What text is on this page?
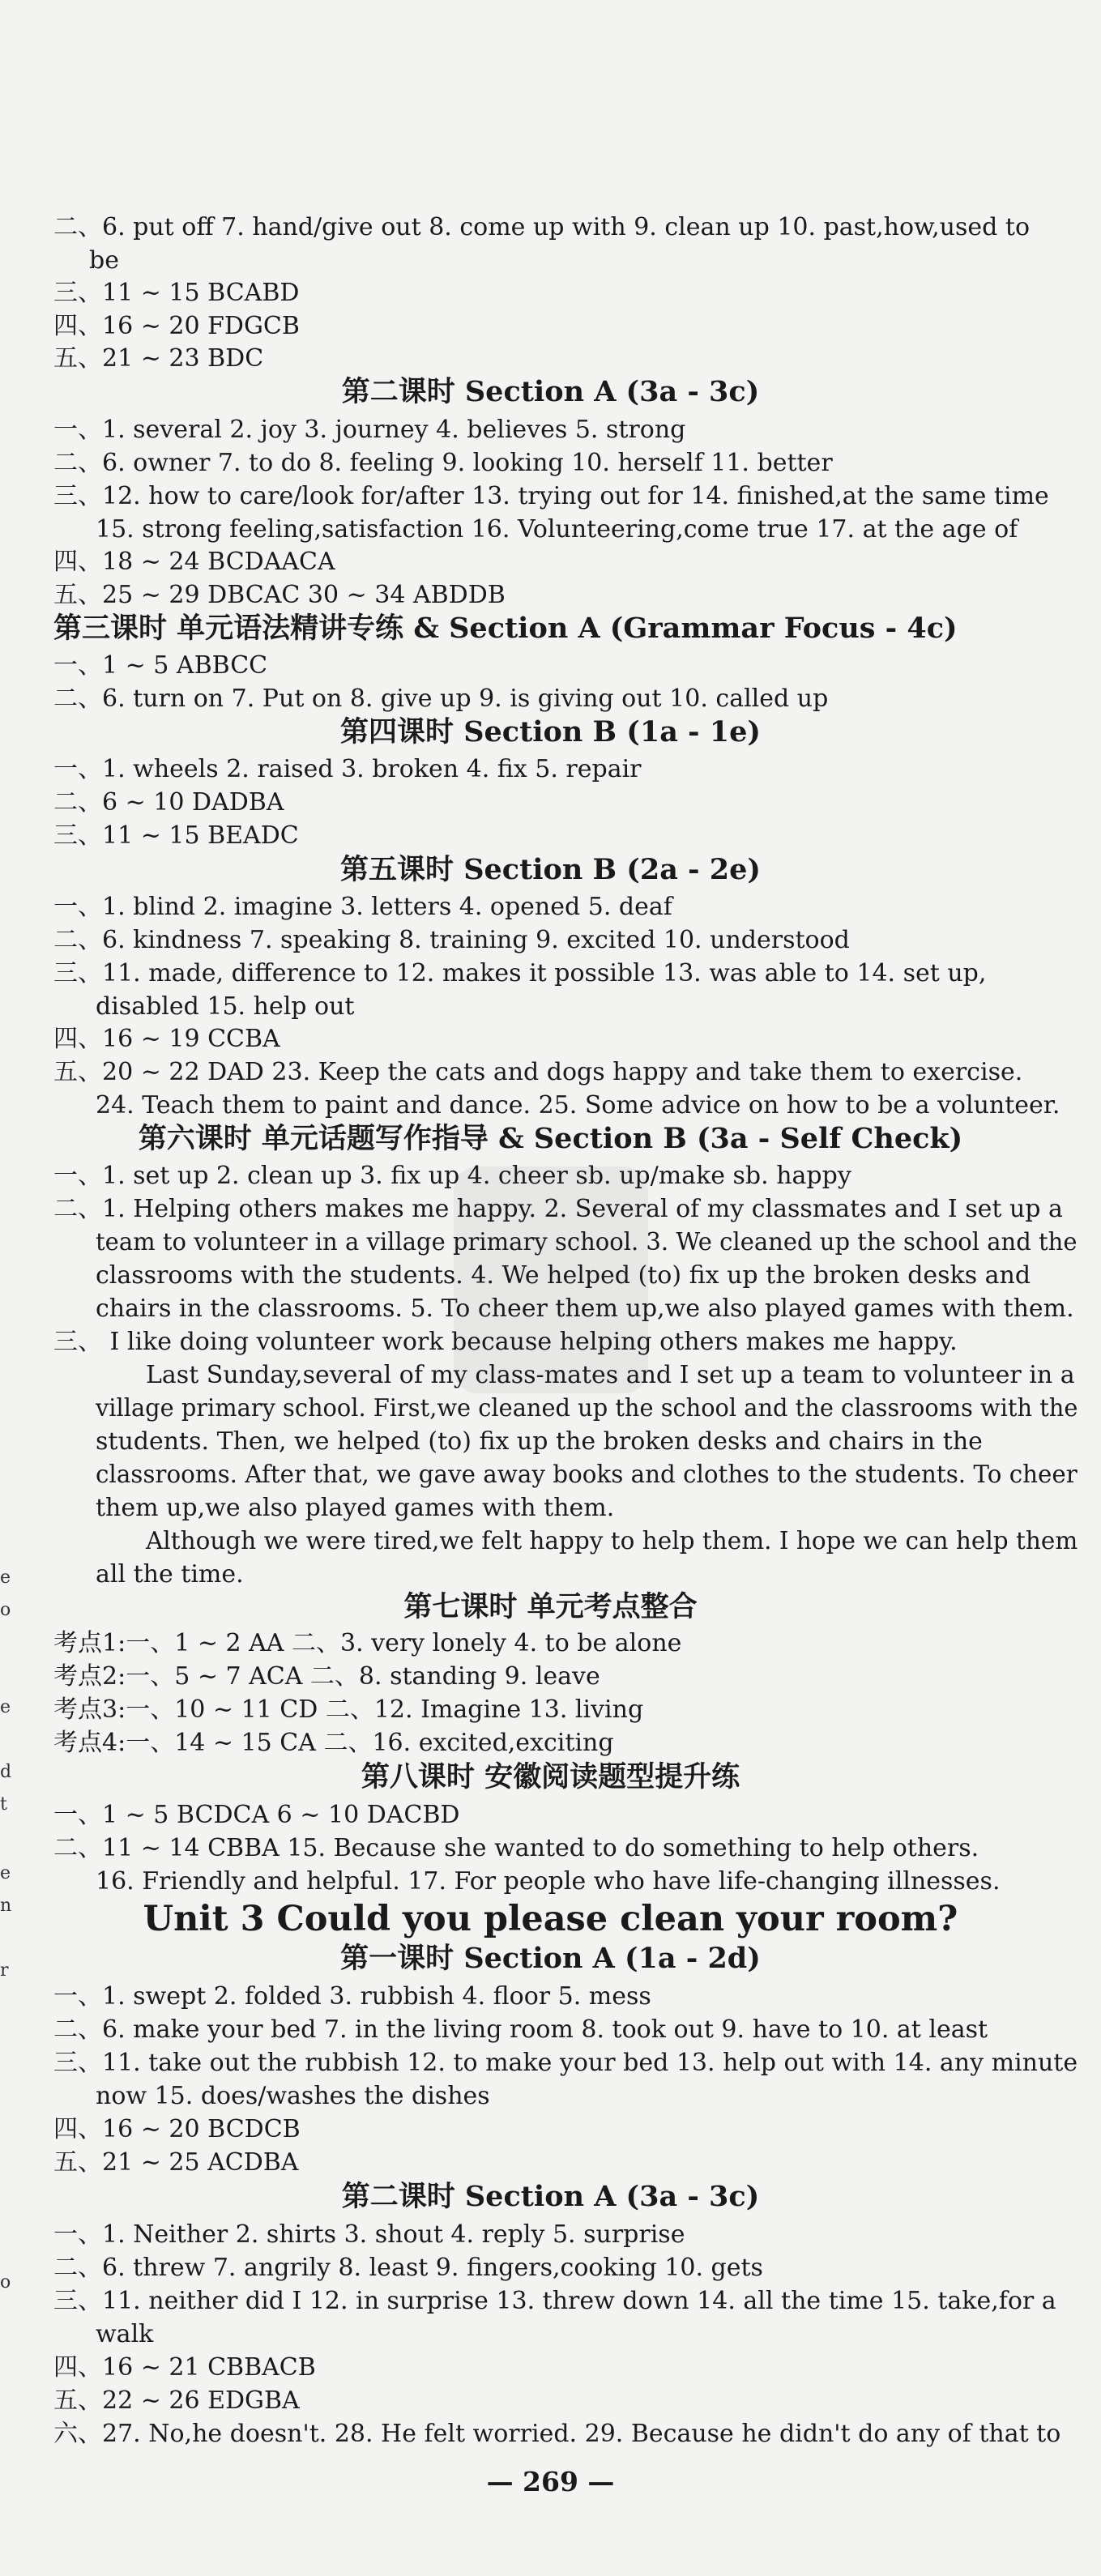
e
o
e
d
t
e
n
r
o
二、6. put off 7. hand/give out 8. come up with 9. clean up 10. past,how,used to
be
三、11 ~ 15 BCABD
四、16 ~ 20 FDGCB
五、21 ~ 23 BDC
第二课时 Section A (3a - 3c)
一、1. several 2. joy 3. journey 4. believes 5. strong
二、6. owner 7. to do 8. feeling 9. looking 10. herself 11. better
三、12. how to care/look for/after 13. trying out for 14. finished,at the same time
15. strong feeling,satisfaction 16. Volunteering,come true 17. at the age of
四、18 ~ 24 BCDAACA
五、25 ~ 29 DBCAC 30 ~ 34 ABDDB
第三课时 单元语法精讲专练 & Section A (Grammar Focus - 4c)
一、1 ~ 5 ABBCC
二、6. turn on 7. Put on 8. give up 9. is giving out 10. called up
第四课时 Section B (1a - 1e)
一、1. wheels 2. raised 3. broken 4. fix 5. repair
二、6 ~ 10 DADBA
三、11 ~ 15 BEADC
第五课时 Section B (2a - 2e)
一、1. blind 2. imagine 3. letters 4. opened 5. deaf
二、6. kindness 7. speaking 8. training 9. excited 10. understood
三、11. made, difference to 12. makes it possible 13. was able to 14. set up,
disabled 15. help out
四、16 ~ 19 CCBA
五、20 ~ 22 DAD 23. Keep the cats and dogs happy and take them to exercise.
24. Teach them to paint and dance. 25. Some advice on how to be a volunteer.
第六课时 单元话题写作指导 & Section B (3a - Self Check)
一、1. set up 2. clean up 3. fix up 4. cheer sb. up/make sb. happy
二、1. Helping others makes me happy. 2. Several of my classmates and I set up a
team to volunteer in a village primary school. 3. We cleaned up the school and the
classrooms with the students. 4. We helped (to) fix up the broken desks and
chairs in the classrooms. 5. To cheer them up,we also played games with them.
三、 I like doing volunteer work because helping others makes me happy.
Last Sunday,several of my class-mates and I set up a team to volunteer in a
village primary school. First,we cleaned up the school and the classrooms with the
students. Then, we helped (to) fix up the broken desks and chairs in the
classrooms. After that, we gave away books and clothes to the students. To cheer
them up,we also played games with them.
Although we were tired,we felt happy to help them. I hope we can help them
all the time.
第七课时 单元考点整合
考点1:一、1 ~ 2 AA 二、3. very lonely 4. to be alone
考点2:一、5 ~ 7 ACA 二、8. standing 9. leave
考点3:一、10 ~ 11 CD 二、12. Imagine 13. living
考点4:一、14 ~ 15 CA 二、16. excited,exciting
第八课时 安徽阅读题型提升练
一、1 ~ 5 BCDCA 6 ~ 10 DACBD
二、11 ~ 14 CBBA 15. Because she wanted to do something to help others.
16. Friendly and helpful. 17. For people who have life-changing illnesses.
Unit 3 Could you please clean your room?
第一课时 Section A (1a - 2d)
一、1. swept 2. folded 3. rubbish 4. floor 5. mess
二、6. make your bed 7. in the living room 8. took out 9. have to 10. at least
三、11. take out the rubbish 12. to make your bed 13. help out with 14. any minute
now 15. does/washes the dishes
四、16 ~ 20 BCDCB
五、21 ~ 25 ACDBA
第二课时 Section A (3a - 3c)
一、1. Neither 2. shirts 3. shout 4. reply 5. surprise
二、6. threw 7. angrily 8. least 9. fingers,cooking 10. gets
三、11. neither did I 12. in surprise 13. threw down 14. all the time 15. take,for a
walk
四、16 ~ 21 CBBACB
五、22 ~ 26 EDGBA
六、27. No,he doesn't. 28. He felt worried. 29. Because he didn't do any of that to
— 269 —
